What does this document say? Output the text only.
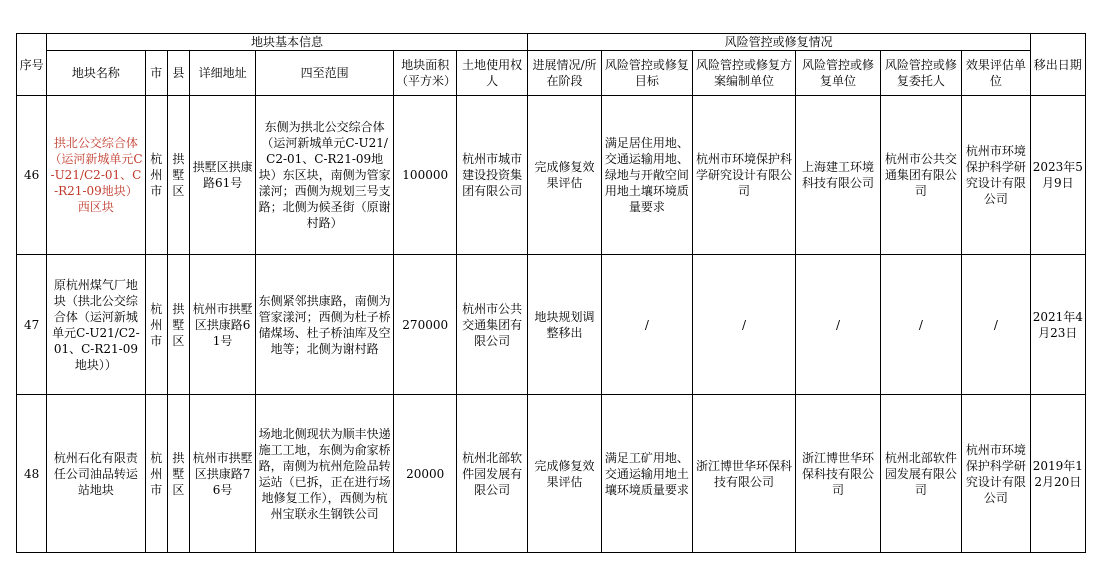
序号	地块基本信息							风险管控或修复情况						移出日期
	地块名称	市	县	详细地址	四至范围	地块面积（平方米）	土地使用权人	进展情况/所在阶段	风险管控或修复目标	风险管控或修复方案编制单位	风险管控或修复单位	风险管控或修复委托人	效果评估单位	
46	拱北公交综合体（运河新城单元C-U21/C2-01、C-R21-09地块）西区块	杭州市	拱墅区	拱墅区拱康路61号	东侧为拱北公交综合体（运河新城单元C-U21/C2-01、C-R21-09地块）东区块，南侧为管家漾河；西侧为规划三号支路；北侧为候圣街（原谢村路）	100000	杭州市城市建设投资集团有限公司	完成修复效果评估	满足居住用地、交通运输用地、绿地与开敞空间用地土壤环境质量要求	杭州市环境保护科学研究设计有限公司	上海建工环境科技有限公司	杭州市公共交通集团有限公司	杭州市环境保护科学研究设计有限公司	2023年5月9日
47	原杭州煤气厂地块（拱北公交综合体（运河新城单元C-U21/C2-01、C-R21-09地块））	杭州市	拱墅区	杭州市拱墅区拱康路61号	东侧紧邻拱康路，南侧为管家漾河；西侧为杜子桥储煤场、杜子桥油库及空地等；北侧为谢村路	270000	杭州市公共交通集团有限公司	地块规划调整移出	/	/	/	/	/	2021年4月23日
48	杭州石化有限责任公司油品转运站地块	杭州市	拱墅区	杭州市拱墅区拱康路76号	场地北侧现状为顺丰快递施工工地，东侧为俞家桥路，南侧为杭州危险品转运站（已拆，正在进行场地修复工作），西侧为杭州宝联永生钢铁公司	20000	杭州北部软件园发展有限公司	完成修复效果评估	满足工矿用地、交通运输用地土壤环境质量要求	浙江博世华环保科技有限公司	浙江博世华环保科技有限公司	杭州北部软件园发展有限公司	杭州市环境保护科学研究设计有限公司	2019年12月20日
